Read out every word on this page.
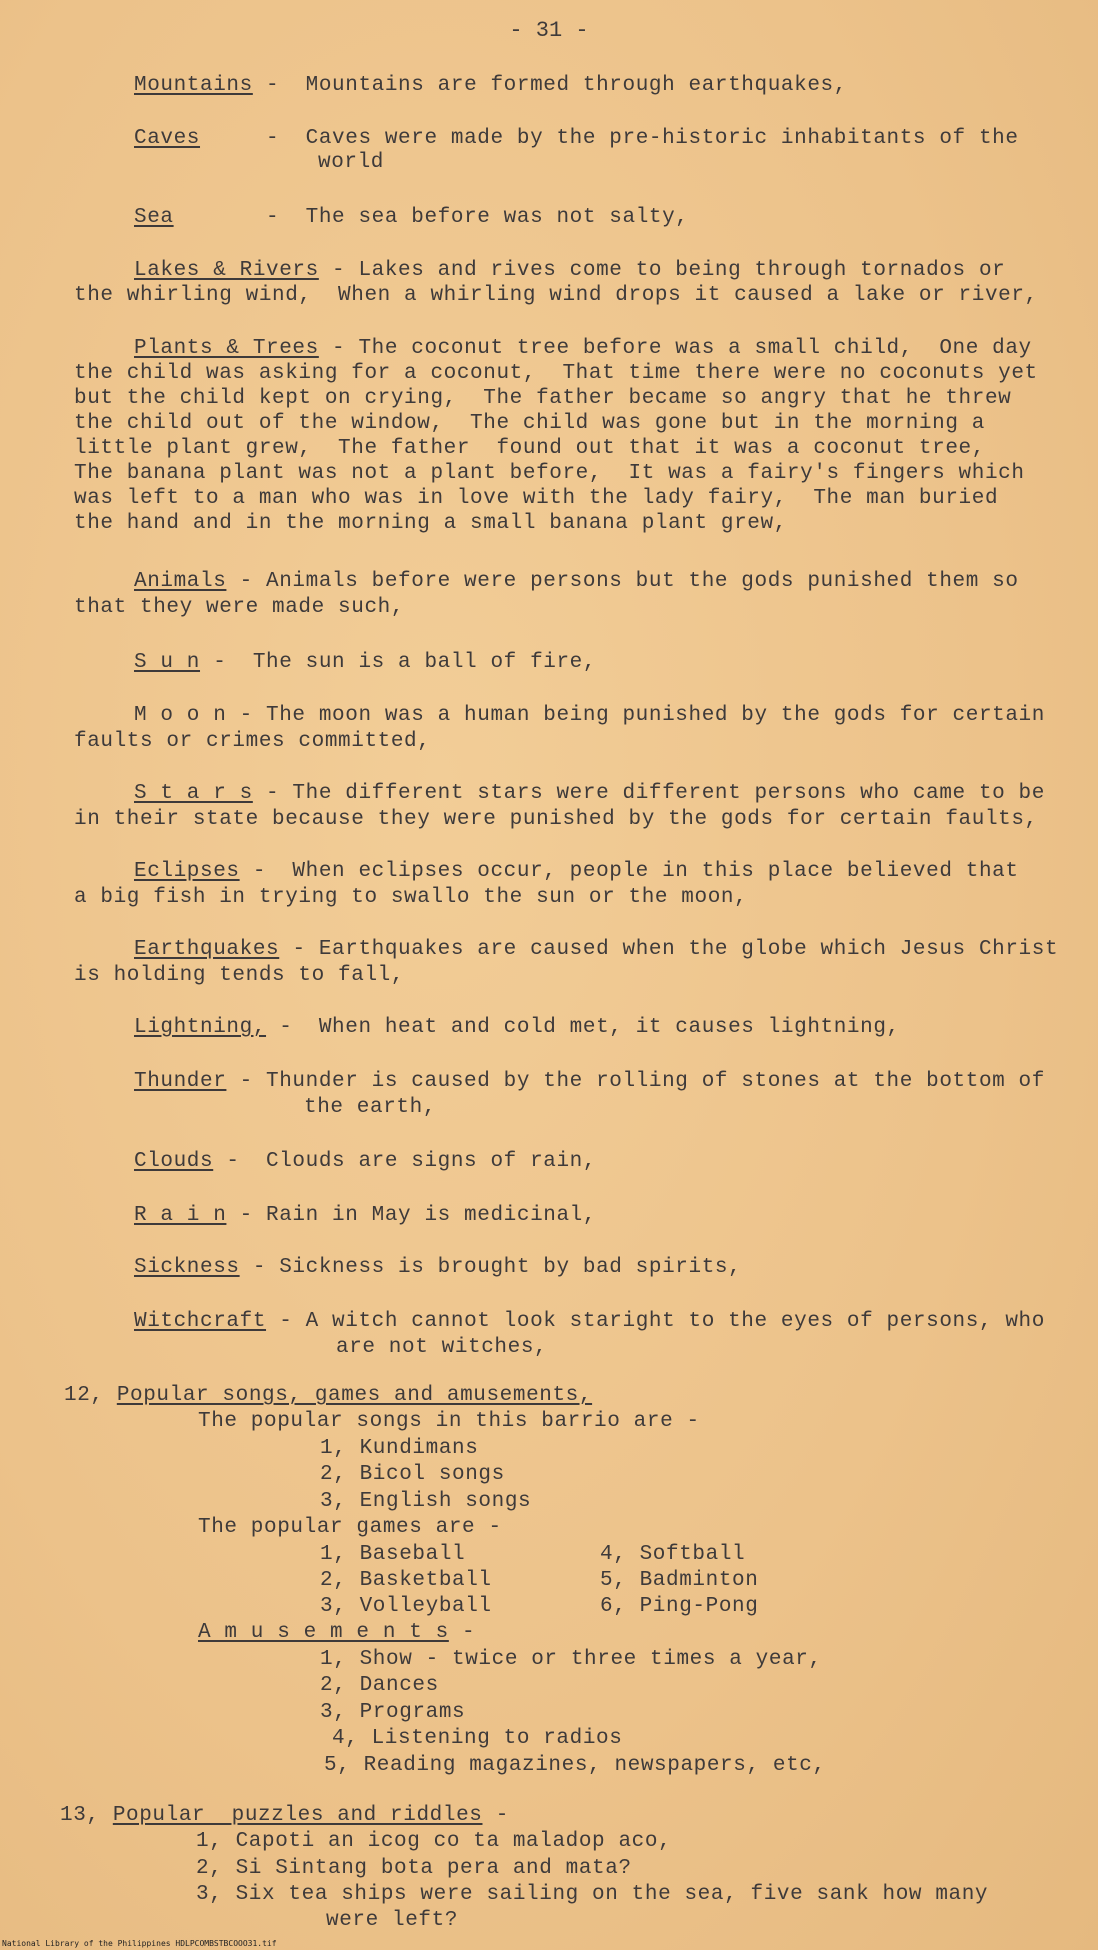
- 31 -
Mountains - Mountains are formed through earthquakes,
Caves	- Caves were made by the pre-historic inhabitants of the
world
Sea	- The sea before was not salty,
Lakes & Rivers - Lakes and rives come to being through tornados or
the whirling wind,  When a whirling wind drops it caused a lake or river,
Plants & Trees - The coconut tree before was a small child,  One day
the child was asking for a coconut,  That time there were no coconuts yet
but the child kept on crying,  The father became so angry that he threw
the child out of the window,  The child was gone but in the morning a
little plant grew,  The father  found out that it was a coconut tree,
The banana plant was not a plant before,  It was a fairy's fingers which
was left to a man who was in love with the lady fairy,  The man buried
the hand and in the morning a small banana plant grew,
Animals - Animals before were persons but the gods punished them so
that they were made such,
S u n -  The sun is a ball of fire,
M o o n - The moon was a human being punished by the gods for certain
faults or crimes committed,
S t a r s - The different stars were different persons who came to be
in their state because they were punished by the gods for certain faults,
Eclipses -  When eclipses occur, people in this place believed that
a big fish in trying to swallo the sun or the moon,
Earthquakes - Earthquakes are caused when the globe which Jesus Christ
is holding tends to fall,
Lightning, -  When heat and cold met, it causes lightning,
Thunder - Thunder is caused by the rolling of stones at the bottom of
the earth,
Clouds -  Clouds are signs of rain,
R a i n - Rain in May is medicinal,
Sickness - Sickness is brought by bad spirits,
Witchcraft - A witch cannot look staright to the eyes of persons, who
are not witches,
12, Popular songs, games and amusements,
The popular songs in this barrio are -
1, Kundimans
2, Bicol songs
3, English songs
The popular games are -
1, Baseball
2, Basketball
3, Volleyball
4, Softball
5, Badminton
6, Ping-Pong
A m u s e m e n t s -
1, Show - twice or three times a year,
2, Dances
3, Programs
4, Listening to radios
5, Reading magazines, newspapers, etc,
13, Popular  puzzles and riddles -
1, Capoti an icog co ta maladop aco,
2, Si Sintang bota pera and mata?
3, Six tea ships were sailing on the sea, five sank how many
were left?
National Library of the Philippines HDLPCOMBSTBCOOO31.tif
